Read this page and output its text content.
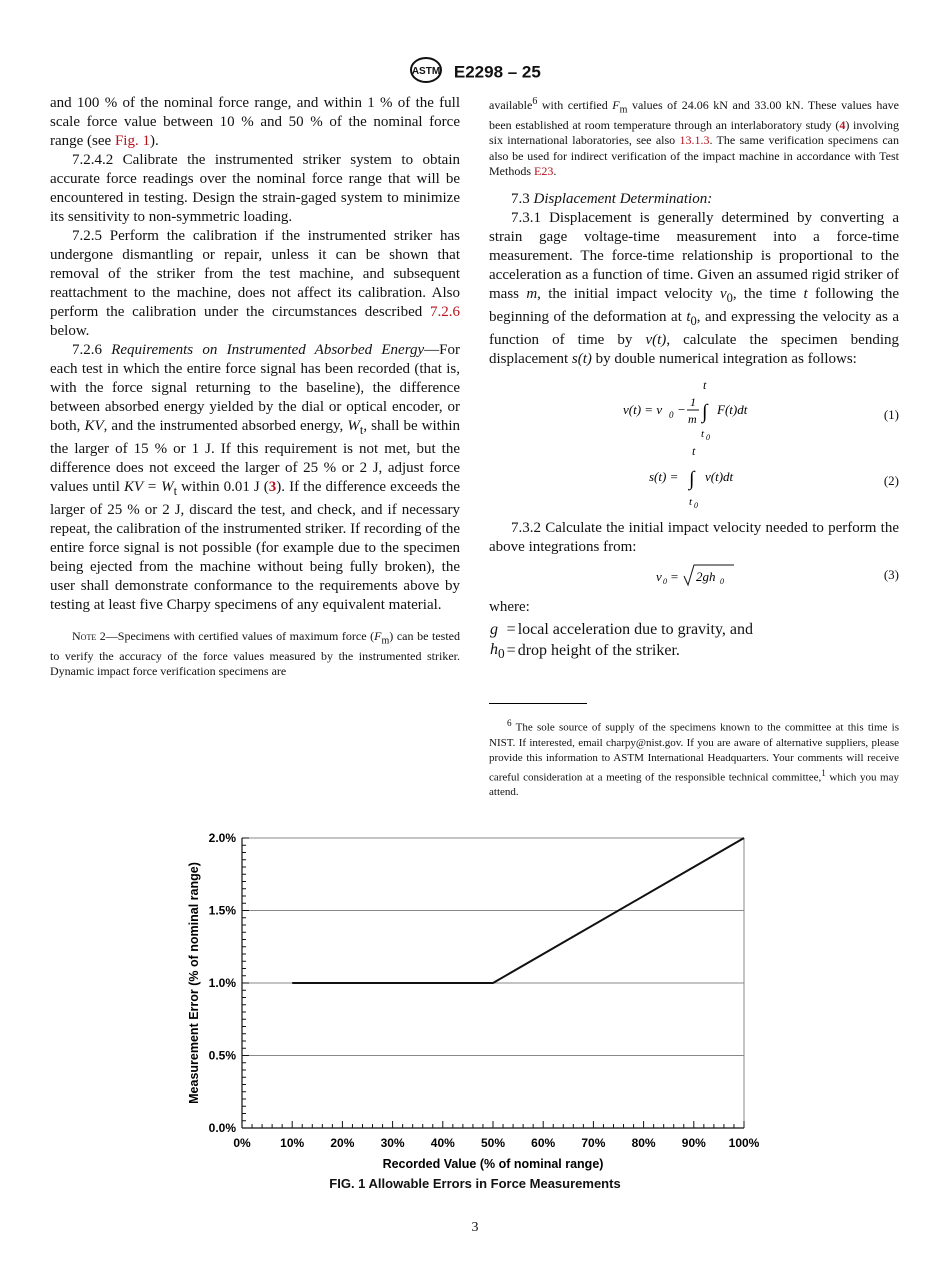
ASTM E2298 – 25

and 100 % of the nominal force range, and within 1 % of the full scale force value between 10 % and 50 % of the nominal force range (see Fig. 1).

7.2.4.2 Calibrate the instrumented striker system to obtain accurate force readings over the nominal force range that will be encountered in testing. Design the strain-gaged system to minimize its sensitivity to non-symmetric loading.

7.2.5 Perform the calibration if the instrumented striker has undergone dismantling or repair, unless it can be shown that removal of the striker from the test machine, and subsequent reattachment to the machine, does not affect its calibration. Also perform the calibration under the circumstances described 7.2.6 below.

7.2.6 Requirements on Instrumented Absorbed Energy—For each test in which the entire force signal has been recorded (that is, with the force signal returning to the baseline), the difference between absorbed energy yielded by the dial or optical encoder, or both, KV, and the instrumented absorbed energy, $W_t$, shall be within the larger of 15 % or 1 J. If this requirement is not met, but the difference does not exceed the larger of 25 % or 2 J, adjust force values until KV = $W_t$ within 0.01 J (3). If the difference exceeds the larger of 25 % or 2 J, discard the test, and check, and if necessary repeat, the calibration of the instrumented striker. If recording of the entire force signal is not possible (for example due to the specimen being ejected from the machine without being fully broken), the user shall demonstrate conformance to the requirements above by testing at least five Charpy specimens of any equivalent material.

Note 2—Specimens with certified values of maximum force $(F_m)$ can be tested to verify the accuracy of the force values measured by the instrumented striker. Dynamic impact force verification specimens are

available$^6$ with certified $F_m$ values of 24.06 kN and 33.00 kN. These values have been established at room temperature through an interlaboratory study (4) involving six international laboratories, see also 13.1.3. The same verification specimens can also be used for indirect verification of the impact machine in accordance with Test Methods E23.

7.3 Displacement Determination:

7.3.1 Displacement is generally determined by converting a strain gage voltage-time measurement into a force-time measurement. The force-time relationship is proportional to the acceleration as a function of time. Given an assumed rigid striker of mass m, the initial impact velocity $v_0$, the time t following the beginning of the deformation at $t_0$, and expressing the velocity as a function of time by v(t), calculate the specimen bending displacement s(t) by double numerical integration as follows:

t
v(t) = v 0 − 1
m ∫ F(t)dt
t 0
(1)
t
s(t) = ∫ v(t)dt
t 0
(2)

7.3.2 Calculate the initial impact velocity needed to perform the above integrations from:

v 0 = 2gh 0	(3)
where:
g	=	local acceleration due to gravity, and
$h_0$	=	drop height of the striker.

$^6$ The sole source of supply of the specimens known to the committee at this time is NIST. If interested, email charpy@nist.gov. If you are aware of alternative suppliers, please provide this information to ASTM International Headquarters. Your comments will receive careful consideration at a meeting of the responsible technical committee,$^1$ which you may attend.

0.0%
0.5%
1.0%
1.5%
2.0%
0% 10% 20% 30% 40% 50% 60% 70% 80% 90% 100%
Recorded Value (% of nominal range)
Measurement Error (% of nominal range)
FIG. 1 Allowable Errors in Force Measurements
3
